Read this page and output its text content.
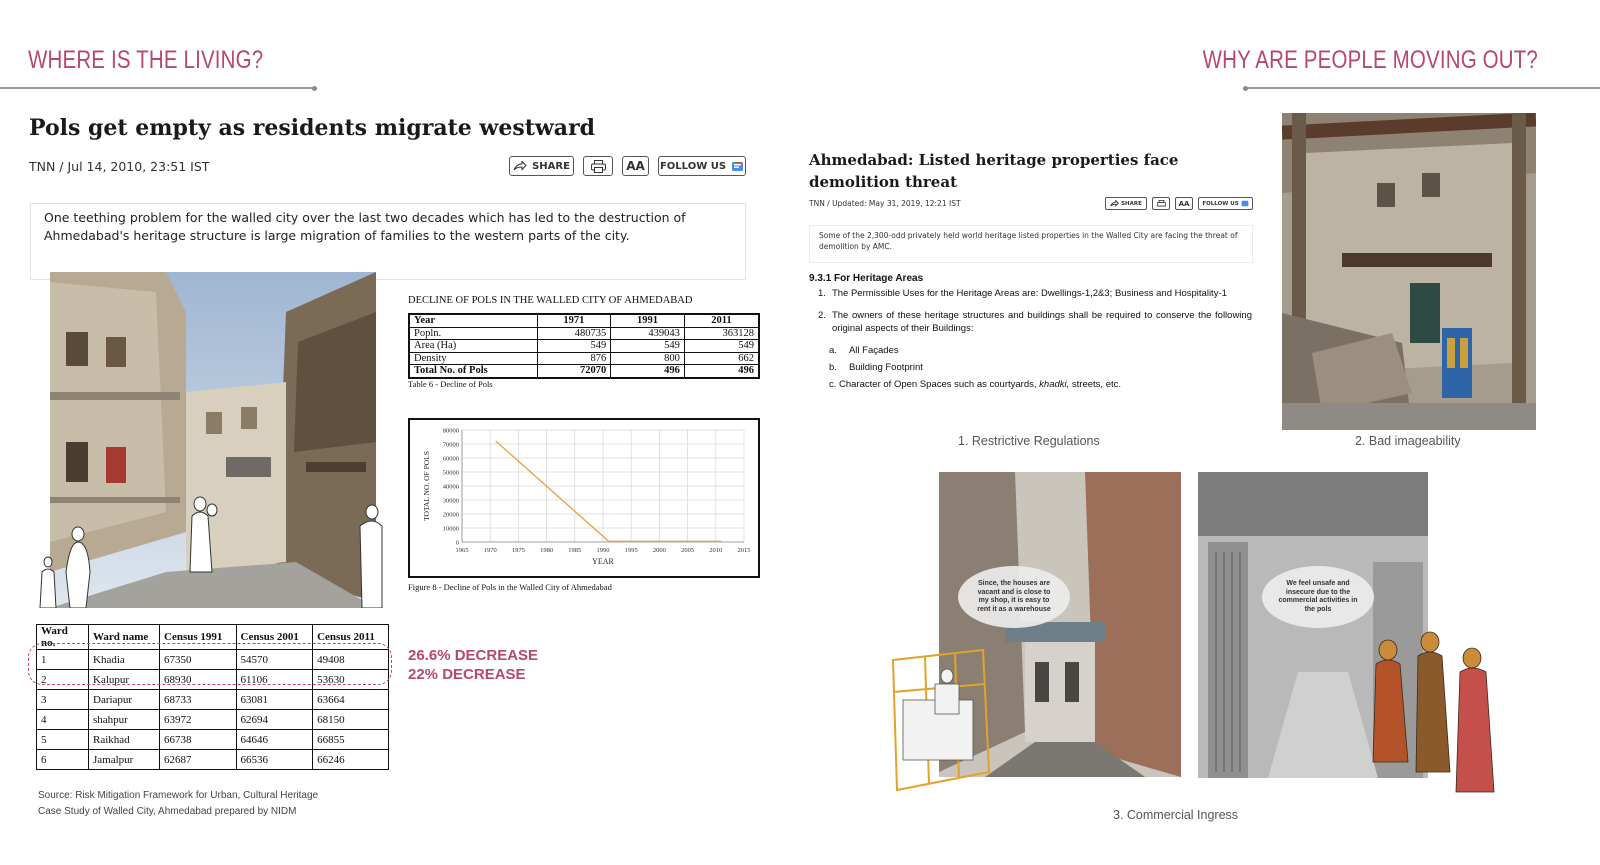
WHERE IS THE LIVING?	WHY ARE PEOPLE MOVING OUT?
Pols get empty as residents migrate westward
TNN / Jul 14, 2010, 23:51 IST	SHARE	AA	FOLLOW US
One teething problem for the walled city over the last two decades which has led to the destruction of Ahmedabad's heritage structure is large migration of families to the western parts of the city.
DECLINE OF POLS IN THE WALLED CITY OF AHMEDABAD
Year	1971	1991	2011
Popln.	480735	439043	363128
Area (Ha)	549	549	549
Density	876	800	662
Total No. of Pols	72070	496	496
Table 6 - Decline of Pols
0
10000
20000
30000
40000
50000
60000
70000
80000
1965 1970 1975 1980 1985 1990 1995 2000 2005 2010 2015
YEAR
TOTAL NO. OF POLS
Figure 8 - Decline of Pols in the Walled City of Ahmedabad
Ward no.	Ward name	Census 1991	Census 2001	Census 2011
1	Khadia	67350	54570	49408
2	Kalupur	68930	61106	53630
3	Dariapur	68733	63081	63664
4	shahpur	63972	62694	68150
5	Raikhad	66738	64646	66855
6	Jamalpur	62687	66536	66246
26.6% DECREASE
22% DECREASE
Source: Risk Mitigation Framework for Urban, Cultural Heritage
Case Study of Walled City, Ahmedabad prepared by NIDM
Ahmedabad: Listed heritage properties face demolition threat
TNN / Updated: May 31, 2019, 12:21 IST	SHARE	AA	FOLLOW US
Some of the 2,300-odd privately held world heritage listed properties in the Walled City are facing the threat of demolition by AMC.
9.3.1 For Heritage Areas
1. The Permissible Uses for the Heritage Areas are: Dwellings-1,2&3; Business and Hospitality-1
2. The owners of these heritage structures and buildings shall be required to conserve the following original aspects of their Buildings:
a. All Façades
b. Building Footprint
c. Character of Open Spaces such as courtyards, khadki, streets, etc.
1. Restrictive Regulations	2. Bad imageability
Since, the houses are vacant and is close to my shop, it is easy to rent it as a warehouse
We feel unsafe and insecure due to the commercial activities in the pols
3. Commercial Ingress
